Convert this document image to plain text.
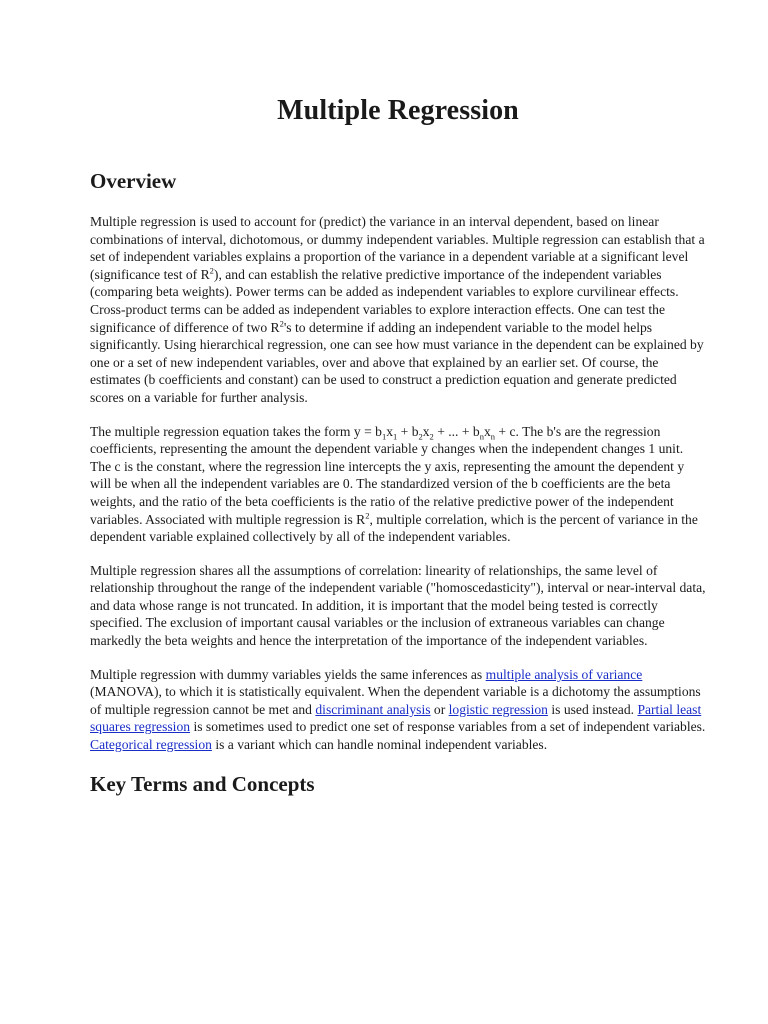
Multiple Regression
Overview

Multiple regression is used to account for (predict) the variance in an interval dependent, based on linear combinations of interval, dichotomous, or dummy independent variables. Multiple regression can establish that a set of independent variables explains a proportion of the variance in a dependent variable at a significant level (significance test of $R^2$), and can establish the relative predictive importance of the independent variables (comparing beta weights). Power terms can be added as independent variables to explore curvilinear effects. Cross-product terms can be added as independent variables to explore interaction effects. One can test the significance of difference of two $R^2's$ to determine if adding an independent variable to the model helps significantly. Using hierarchical regression, one can see how must variance in the dependent can be explained by one or a set of new independent variables, over and above that explained by an earlier set. Of course, the estimates (b coefficients and constant) can be used to construct a prediction equation and generate predicted scores on a variable for further analysis.

The multiple regression equation takes the form $y = b_1x_1 + b_2x_2$ + ... + $b_nx_n + c$. The b's are the regression coefficients, representing the amount the dependent variable y changes when the independent changes 1 unit. The c is the constant, where the regression line intercepts the y axis, representing the amount the dependent y will be when all the independent variables are 0. The standardized version of the b coefficients are the beta weights, and the ratio of the beta coefficients is the ratio of the relative predictive power of the independent variables. Associated with multiple regression is $R^2$, multiple correlation, which is the percent of variance in the dependent variable explained collectively by all of the independent variables.

Multiple regression shares all the assumptions of correlation: linearity of relationships, the same level of relationship throughout the range of the independent variable ("homoscedasticity"), interval or near-interval data, and data whose range is not truncated. In addition, it is important that the model being tested is correctly specified. The exclusion of important causal variables or the inclusion of extraneous variables can change markedly the beta weights and hence the interpretation of the importance of the independent variables.

Multiple regression with dummy variables yields the same inferences as multiple analysis of variance (MANOVA), to which it is statistically equivalent. When the dependent variable is a dichotomy the assumptions of multiple regression cannot be met and discriminant analysis or logistic regression is used instead. Partial least squares regression is sometimes used to predict one set of response variables from a set of independent variables. Categorical regression is a variant which can handle nominal independent variables.

Key Terms and Concepts
